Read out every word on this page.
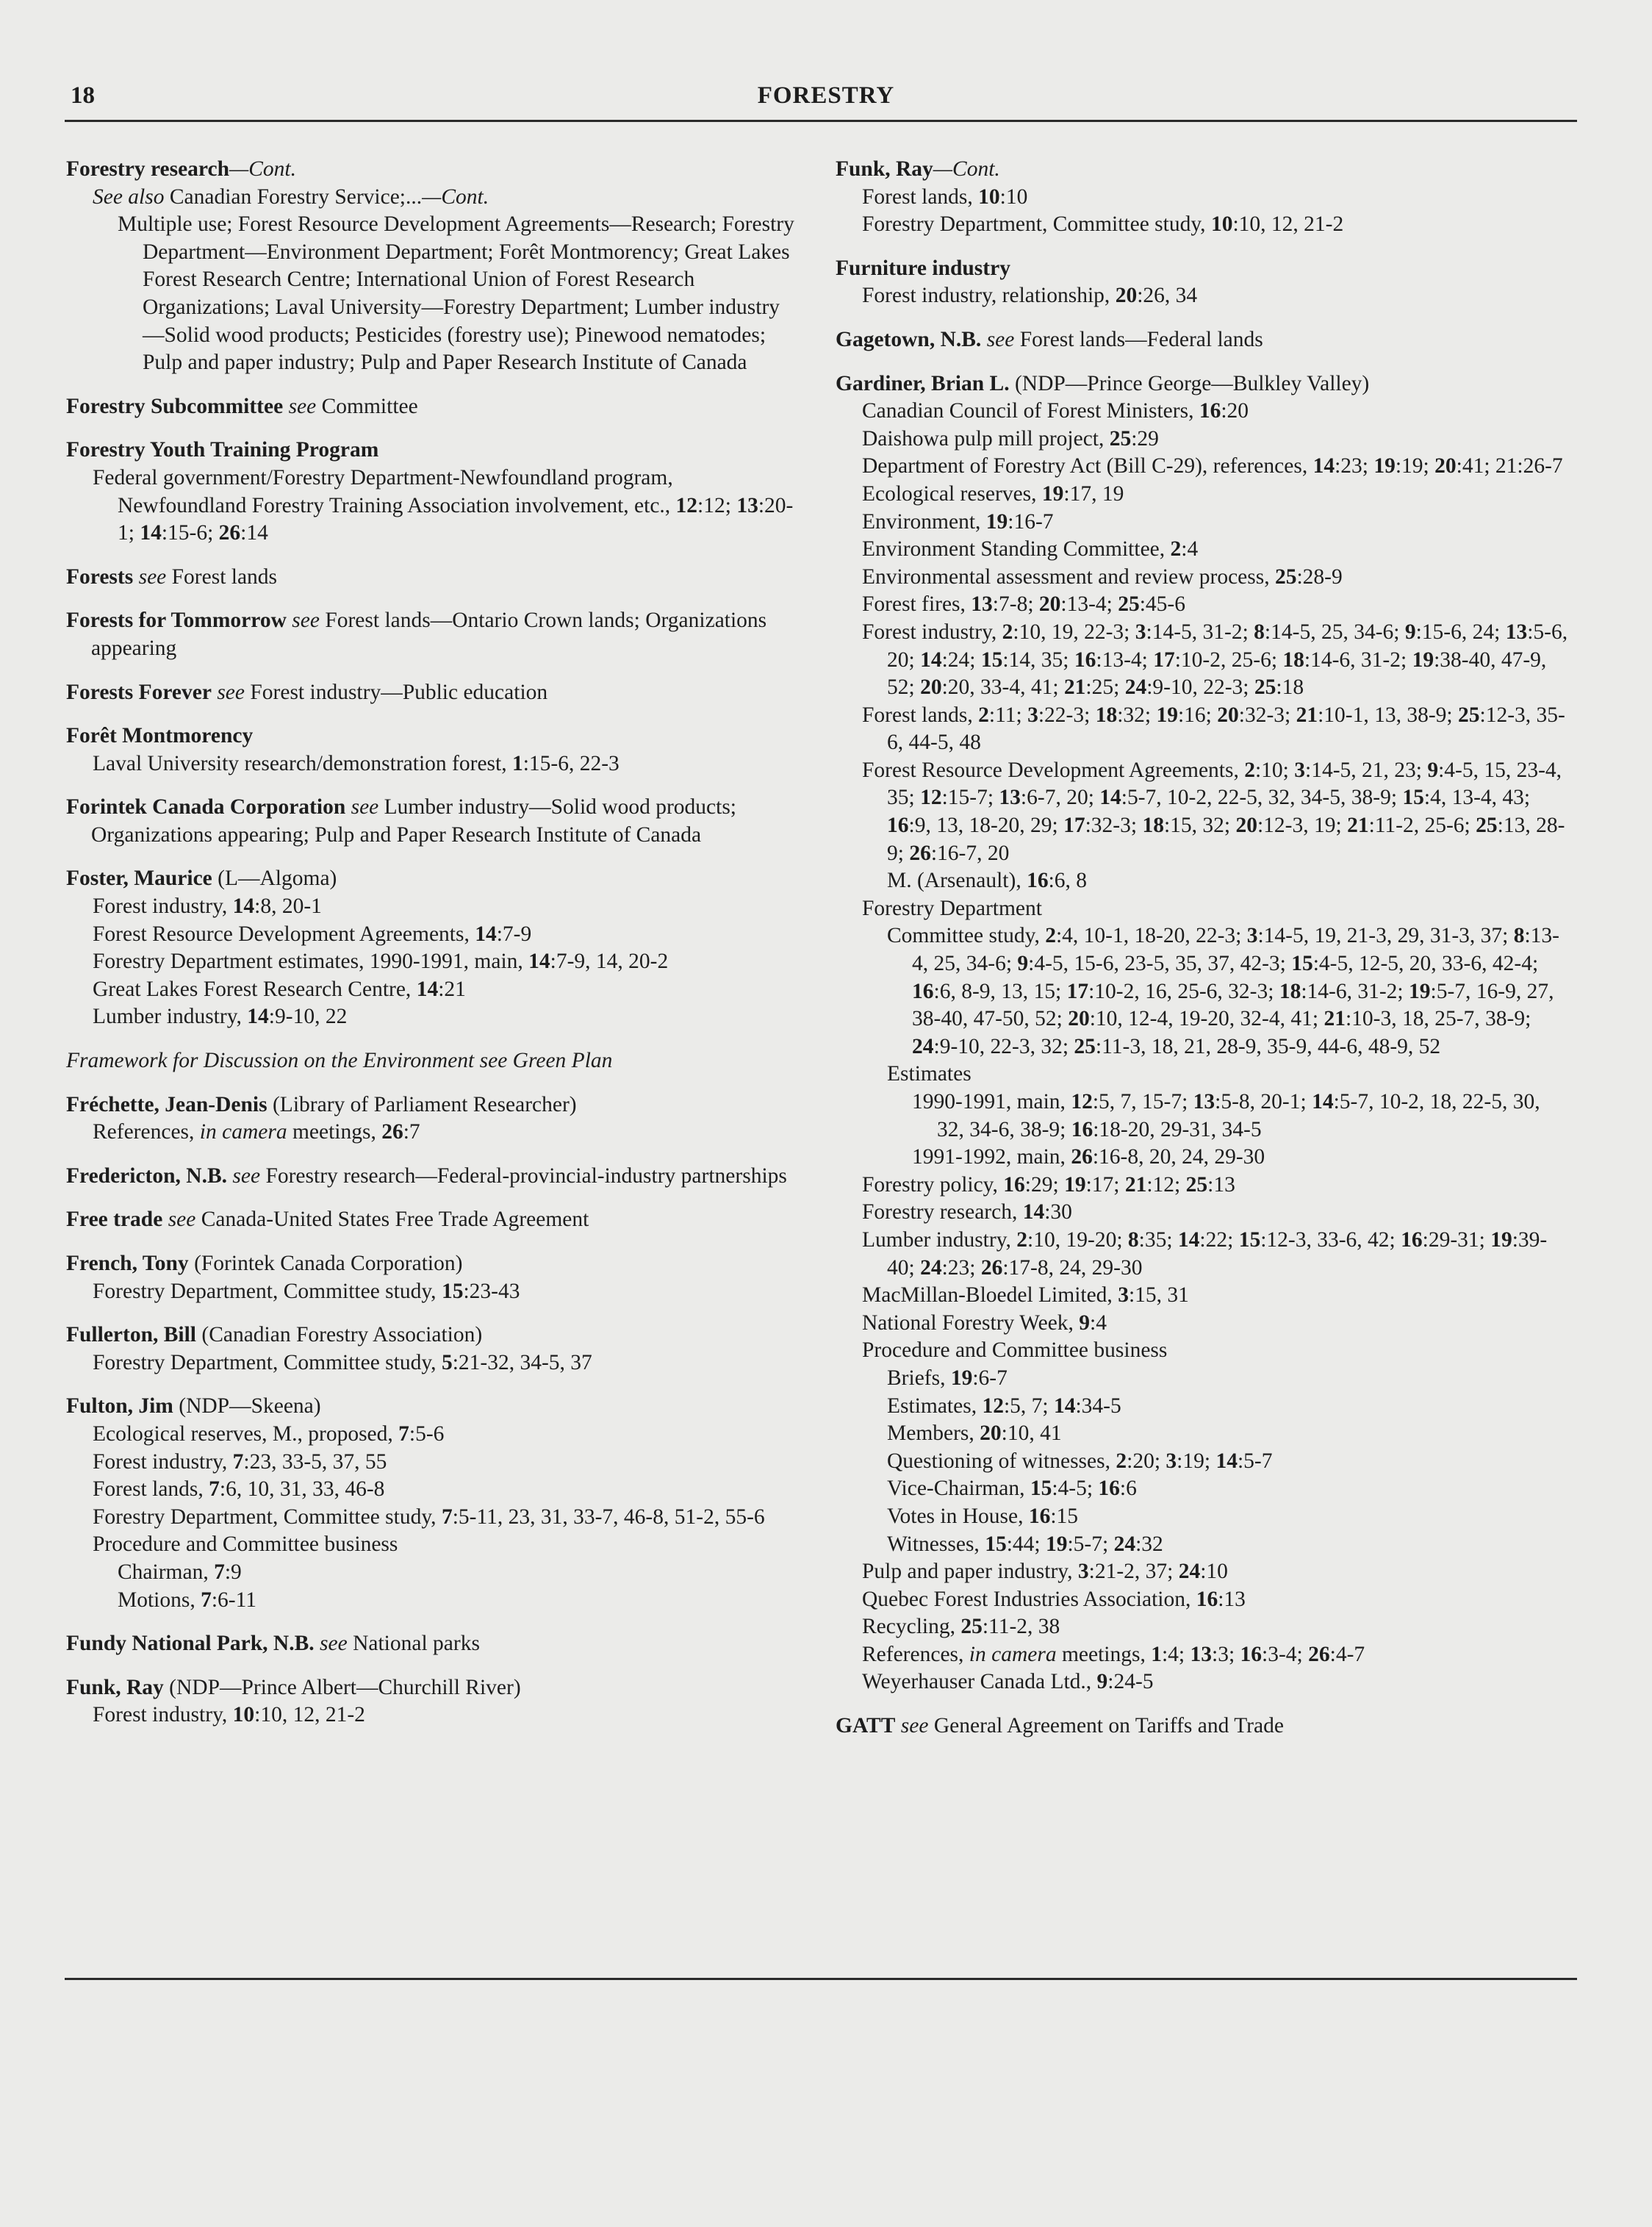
18	FORESTRY
Forestry research—Cont.
See also Canadian Forestry Service;...—Cont.
Multiple use; Forest Resource Development Agreements—Research; Forestry Department—Environment Department; Forêt Montmorency; Great Lakes Forest Research Centre; International Union of Forest Research Organizations; Laval University—Forestry Department; Lumber industry—Solid wood products; Pesticides (forestry use); Pinewood nematodes; Pulp and paper industry; Pulp and Paper Research Institute of Canada
Forestry Subcommittee see Committee
Forestry Youth Training Program
Federal government/Forestry Department-Newfoundland program, Newfoundland Forestry Training Association involvement, etc., 12:12; 13:20-1; 14:15-6; 26:14
Forests see Forest lands
Forests for Tommorrow see Forest lands—Ontario Crown lands; Organizations appearing
Forests Forever see Forest industry—Public education
Forêt Montmorency
Laval University research/demonstration forest, 1:15-6, 22-3
Forintek Canada Corporation see Lumber industry—Solid wood products; Organizations appearing; Pulp and Paper Research Institute of Canada
Foster, Maurice (L—Algoma)
Forest industry, 14:8, 20-1
Forest Resource Development Agreements, 14:7-9
Forestry Department estimates, 1990-1991, main, 14:7-9, 14, 20-2
Great Lakes Forest Research Centre, 14:21
Lumber industry, 14:9-10, 22
Framework for Discussion on the Environment see Green Plan
Fréchette, Jean-Denis (Library of Parliament Researcher)
References, in camera meetings, 26:7
Fredericton, N.B. see Forestry research—Federal-provincial-industry partnerships
Free trade see Canada-United States Free Trade Agreement
French, Tony (Forintek Canada Corporation)
Forestry Department, Committee study, 15:23-43
Fullerton, Bill (Canadian Forestry Association)
Forestry Department, Committee study, 5:21-32, 34-5, 37
Fulton, Jim (NDP—Skeena)
Ecological reserves, M., proposed, 7:5-6
Forest industry, 7:23, 33-5, 37, 55
Forest lands, 7:6, 10, 31, 33, 46-8
Forestry Department, Committee study, 7:5-11, 23, 31, 33-7, 46-8, 51-2, 55-6
Procedure and Committee business
Chairman, 7:9
Motions, 7:6-11
Fundy National Park, N.B. see National parks
Funk, Ray (NDP—Prince Albert—Churchill River)
Forest industry, 10:10, 12, 21-2
Funk, Ray—Cont.
Forest lands, 10:10
Forestry Department, Committee study, 10:10, 12, 21-2
Furniture industry
Forest industry, relationship, 20:26, 34
Gagetown, N.B. see Forest lands—Federal lands
Gardiner, Brian L. (NDP—Prince George—Bulkley Valley)
Canadian Council of Forest Ministers, 16:20
Daishowa pulp mill project, 25:29
Department of Forestry Act (Bill C-29), references, 14:23; 19:19; 20:41; 21:26-7
Ecological reserves, 19:17, 19
Environment, 19:16-7
Environment Standing Committee, 2:4
Environmental assessment and review process, 25:28-9
Forest fires, 13:7-8; 20:13-4; 25:45-6
Forest industry, 2:10, 19, 22-3; 3:14-5, 31-2; 8:14-5, 25, 34-6; 9:15-6, 24; 13:5-6, 20; 14:24; 15:14, 35; 16:13-4; 17:10-2, 25-6; 18:14-6, 31-2; 19:38-40, 47-9, 52; 20:20, 33-4, 41; 21:25; 24:9-10, 22-3; 25:18
Forest lands, 2:11; 3:22-3; 18:32; 19:16; 20:32-3; 21:10-1, 13, 38-9; 25:12-3, 35-6, 44-5, 48
Forest Resource Development Agreements, 2:10; 3:14-5, 21, 23; 9:4-5, 15, 23-4, 35; 12:15-7; 13:6-7, 20; 14:5-7, 10-2, 22-5, 32, 34-5, 38-9; 15:4, 13-4, 43; 16:9, 13, 18-20, 29; 17:32-3; 18:15, 32; 20:12-3, 19; 21:11-2, 25-6; 25:13, 28-9; 26:16-7, 20
M. (Arsenault), 16:6, 8
Forestry Department
Committee study, 2:4, 10-1, 18-20, 22-3; 3:14-5, 19, 21-3, 29, 31-3, 37; 8:13-4, 25, 34-6; 9:4-5, 15-6, 23-5, 35, 37, 42-3; 15:4-5, 12-5, 20, 33-6, 42-4; 16:6, 8-9, 13, 15; 17:10-2, 16, 25-6, 32-3; 18:14-6, 31-2; 19:5-7, 16-9, 27, 38-40, 47-50, 52; 20:10, 12-4, 19-20, 32-4, 41; 21:10-3, 18, 25-7, 38-9; 24:9-10, 22-3, 32; 25:11-3, 18, 21, 28-9, 35-9, 44-6, 48-9, 52
Estimates
1990-1991, main, 12:5, 7, 15-7; 13:5-8, 20-1; 14:5-7, 10-2, 18, 22-5, 30, 32, 34-6, 38-9; 16:18-20, 29-31, 34-5
1991-1992, main, 26:16-8, 20, 24, 29-30
Forestry policy, 16:29; 19:17; 21:12; 25:13
Forestry research, 14:30
Lumber industry, 2:10, 19-20; 8:35; 14:22; 15:12-3, 33-6, 42; 16:29-31; 19:39-40; 24:23; 26:17-8, 24, 29-30
MacMillan-Bloedel Limited, 3:15, 31
National Forestry Week, 9:4
Procedure and Committee business
Briefs, 19:6-7
Estimates, 12:5, 7; 14:34-5
Members, 20:10, 41
Questioning of witnesses, 2:20; 3:19; 14:5-7
Vice-Chairman, 15:4-5; 16:6
Votes in House, 16:15
Witnesses, 15:44; 19:5-7; 24:32
Pulp and paper industry, 3:21-2, 37; 24:10
Quebec Forest Industries Association, 16:13
Recycling, 25:11-2, 38
References, in camera meetings, 1:4; 13:3; 16:3-4; 26:4-7
Weyerhauser Canada Ltd., 9:24-5
GATT see General Agreement on Tariffs and Trade
